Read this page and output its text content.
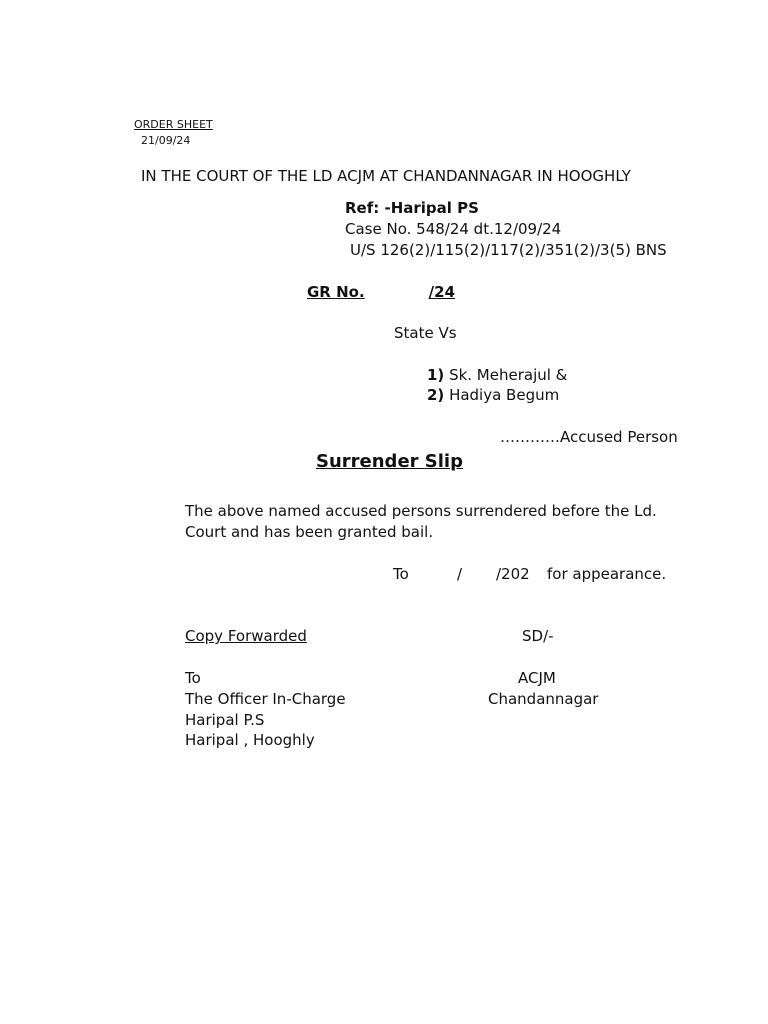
ORDER SHEET
21/09/24
IN THE COURT OF THE LD ACJM AT CHANDANNAGAR IN HOOGHLY
Ref: -Haripal PS
Case No. 548/24 dt.12/09/24
U/S 126(2)/115(2)/117(2)/351(2)/3(5) BNS
GR No.	/24
State Vs
1) Sk. Meherajul &
2) Hadiya Begum
…………Accused Person
Surrender Slip
The above named accused persons surrendered before the Ld.
Court and has been granted bail.
To	/ /202 for appearance.
Copy Forwarded	SD/-
To
The Officer In-Charge
Haripal P.S
Haripal , Hooghly
ACJM
Chandannagar
